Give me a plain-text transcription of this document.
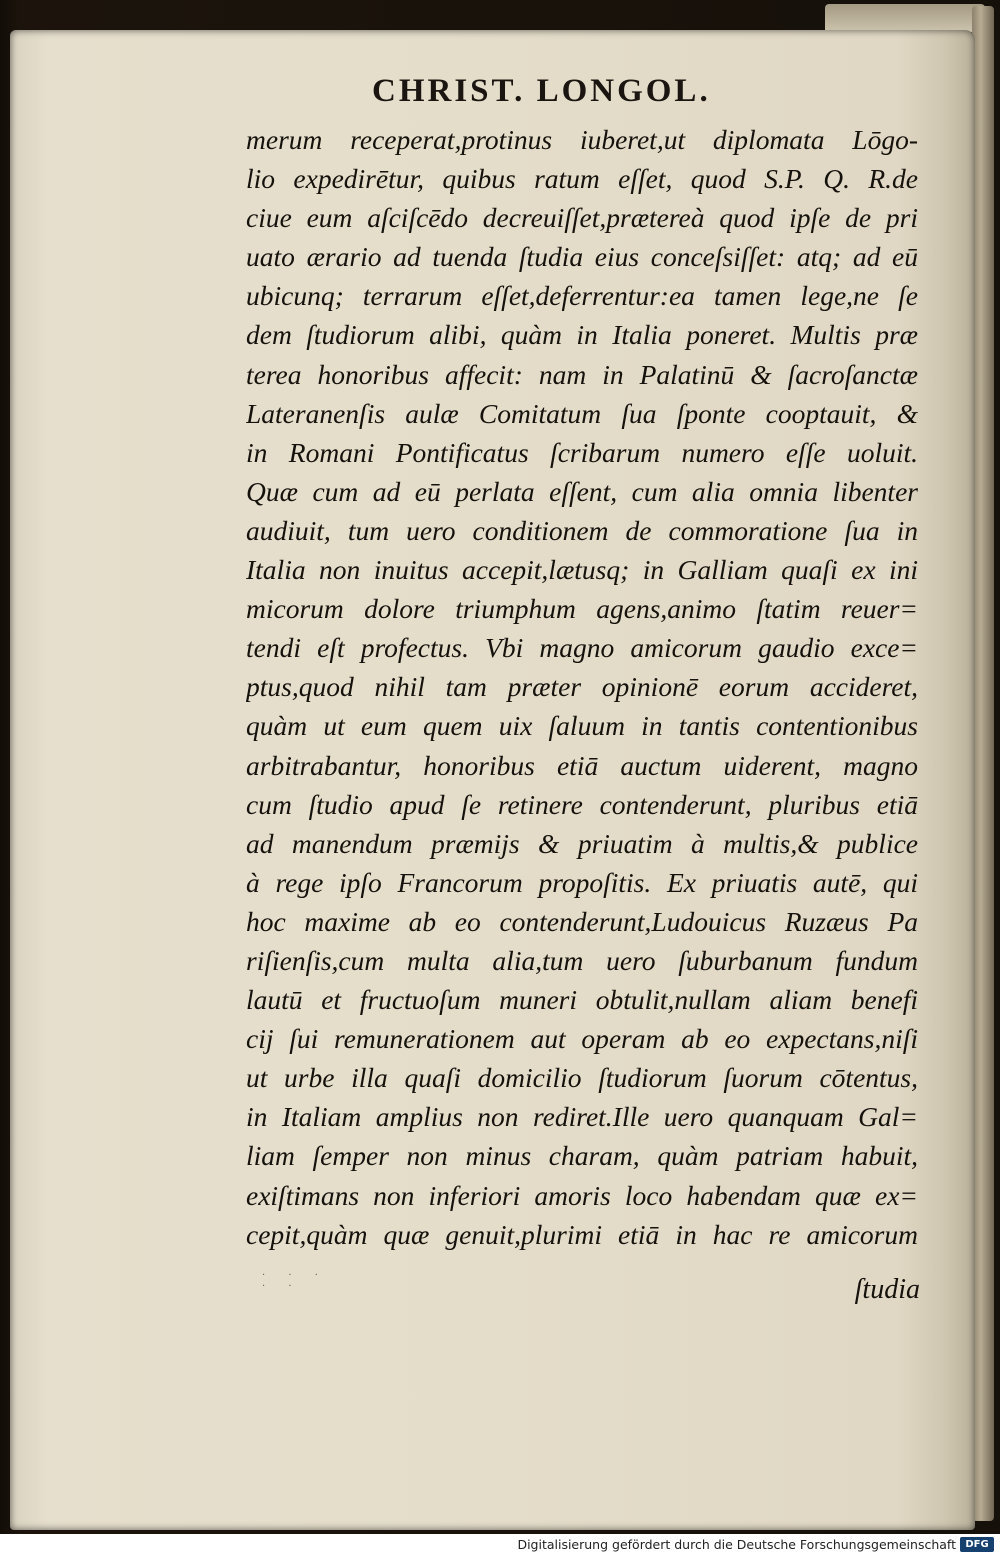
CHRIST. LONGOL.
merum receperat,protinus iuberet,ut diplomata Lōgo-
lio expedirētur, quibus ratum eſſet, quod S.P. Q. R.de
ciue eum aſciſcēdo decreuiſſet,prætereà quod ipſe de pri
uato ærario ad tuenda ſtudia eius conceſsiſſet: atq; ad eū
ubicunq; terrarum eſſet,deferrentur:ea tamen lege,ne ſe
dem ſtudiorum alibi, quàm in Italia poneret. Multis præ
terea honoribus affecit: nam in Palatinū & ſacroſanctæ
Lateranenſis aulæ Comitatum ſua ſponte cooptauit, &
in Romani Pontificatus ſcribarum numero eſſe uoluit.
Quæ cum ad eū perlata eſſent, cum alia omnia libenter
audiuit, tum uero conditionem de commoratione ſua in
Italia non inuitus accepit,lætusq; in Galliam quaſi ex ini
micorum dolore triumphum agens,animo ſtatim reuer=
tendi eſt profectus. Vbi magno amicorum gaudio exce=
ptus,quod nihil tam præter opinionē eorum accideret,
quàm ut eum quem uix ſaluum in tantis contentionibus
arbitrabantur, honoribus etiā auctum uiderent, magno
cum ſtudio apud ſe retinere contenderunt, pluribus etiā
ad manendum præmijs & priuatim à multis,& publice
à rege ipſo Francorum propoſitis. Ex priuatis autē, qui
hoc maxime ab eo contenderunt,Ludouicus Ruzæus Pa
riſienſis,cum multa alia,tum uero ſuburbanum fundum
lautū et fructuoſum muneri obtulit,nullam aliam benefi
cij ſui remunerationem aut operam ab eo expectans,niſi
ut urbe illa quaſi domicilio ſtudiorum ſuorum cōtentus,
in Italiam amplius non rediret.Ille uero quanquam Gal=
liam ſemper non minus charam, quàm patriam habuit,
exiſtimans non inferiori amoris loco habendam quæ ex=
cepit,quàm quæ genuit,plurimi etiā in hac re amicorum
· · · · ·	ſtudia
Digitalisierung gefördert durch die Deutsche Forschungsgemeinschaft DFG
